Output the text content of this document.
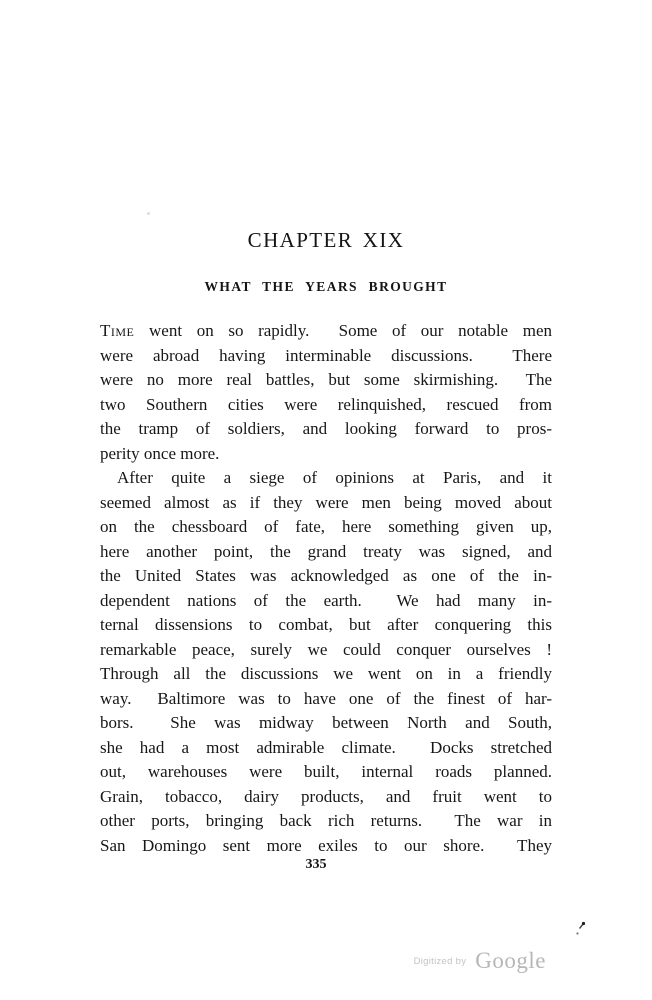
CHAPTER XIX
WHAT THE YEARS BROUGHT
Time went on so rapidly.  Some of our notable men
were abroad having interminable discussions.  There
were no more real battles, but some skirmishing.  The
two Southern cities were relinquished, rescued from
the tramp of soldiers, and looking forward to pros-
perity once more.
After quite a siege of opinions at Paris, and it
seemed almost as if they were men being moved about
on the chessboard of fate, here something given up,
here another point, the grand treaty was signed, and
the United States was acknowledged as one of the in-
dependent nations of the earth.  We had many in-
ternal dissensions to combat, but after conquering this
remarkable peace, surely we could conquer ourselves !
Through all the discussions we went on in a friendly
way.  Baltimore was to have one of the finest of har-
bors.  She was midway between North and South,
she had a most admirable climate.  Docks stretched
out, warehouses were built, internal roads planned.
Grain, tobacco, dairy products, and fruit went to
other ports, bringing back rich returns.  The war in
San Domingo sent more exiles to our shore.  They
335
$^{Digitized by}$ Google
